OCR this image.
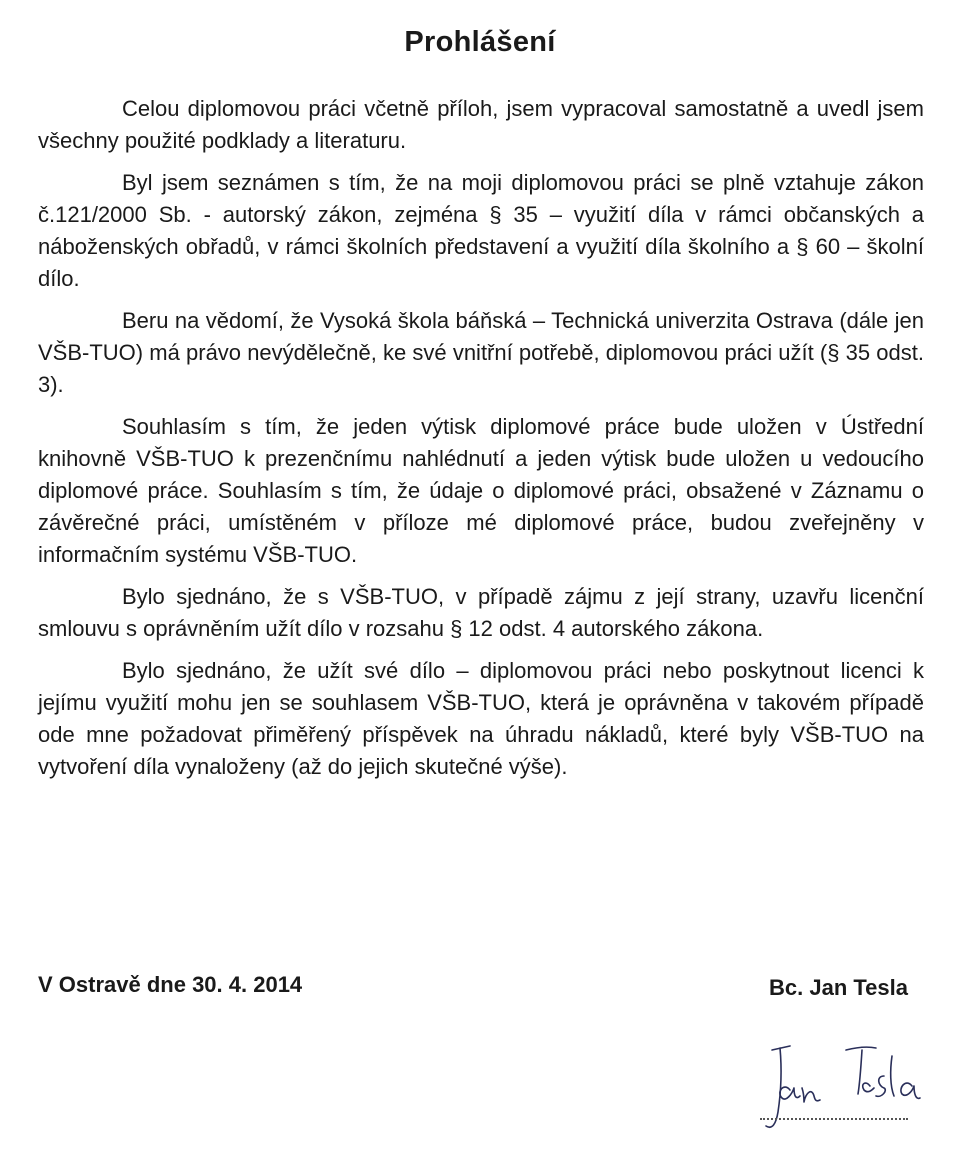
Prohlášení

Celou diplomovou práci včetně příloh, jsem vypracoval samostatně a uvedl jsem všechny použité podklady a literaturu.

Byl jsem seznámen s tím, že na moji diplomovou práci se plně vztahuje zákon č.121/2000 Sb. - autorský zákon, zejména § 35 – využití díla v rámci občanských a náboženských obřadů, v rámci školních představení a využití díla školního a § 60 – školní dílo.

Beru na vědomí, že Vysoká škola báňská – Technická univerzita Ostrava (dále jen VŠB-TUO) má právo nevýdělečně, ke své vnitřní potřebě, diplomovou práci užít (§ 35 odst. 3).

Souhlasím s tím, že jeden výtisk diplomové práce bude uložen v Ústřední knihovně VŠB-TUO k prezenčnímu nahlédnutí a jeden výtisk bude uložen u vedoucího diplomové práce. Souhlasím s tím, že údaje o diplomové práci, obsažené v Záznamu o závěrečné práci, umístěném v příloze mé diplomové práce, budou zveřejněny v informačním systému VŠB-TUO.

Bylo sjednáno, že s VŠB-TUO, v případě zájmu z její strany, uzavřu licenční smlouvu s oprávněním užít dílo v rozsahu § 12 odst. 4 autorského zákona.

Bylo sjednáno, že užít své dílo – diplomovou práci nebo poskytnout licenci k jejímu využití mohu jen se souhlasem VŠB-TUO, která je oprávněna v takovém případě ode mne požadovat přiměřený příspěvek na úhradu nákladů, které byly VŠB-TUO na vytvoření díla vynaloženy (až do jejich skutečné výše).

V Ostravě dne 30. 4. 2014	Bc. Jan Tesla
